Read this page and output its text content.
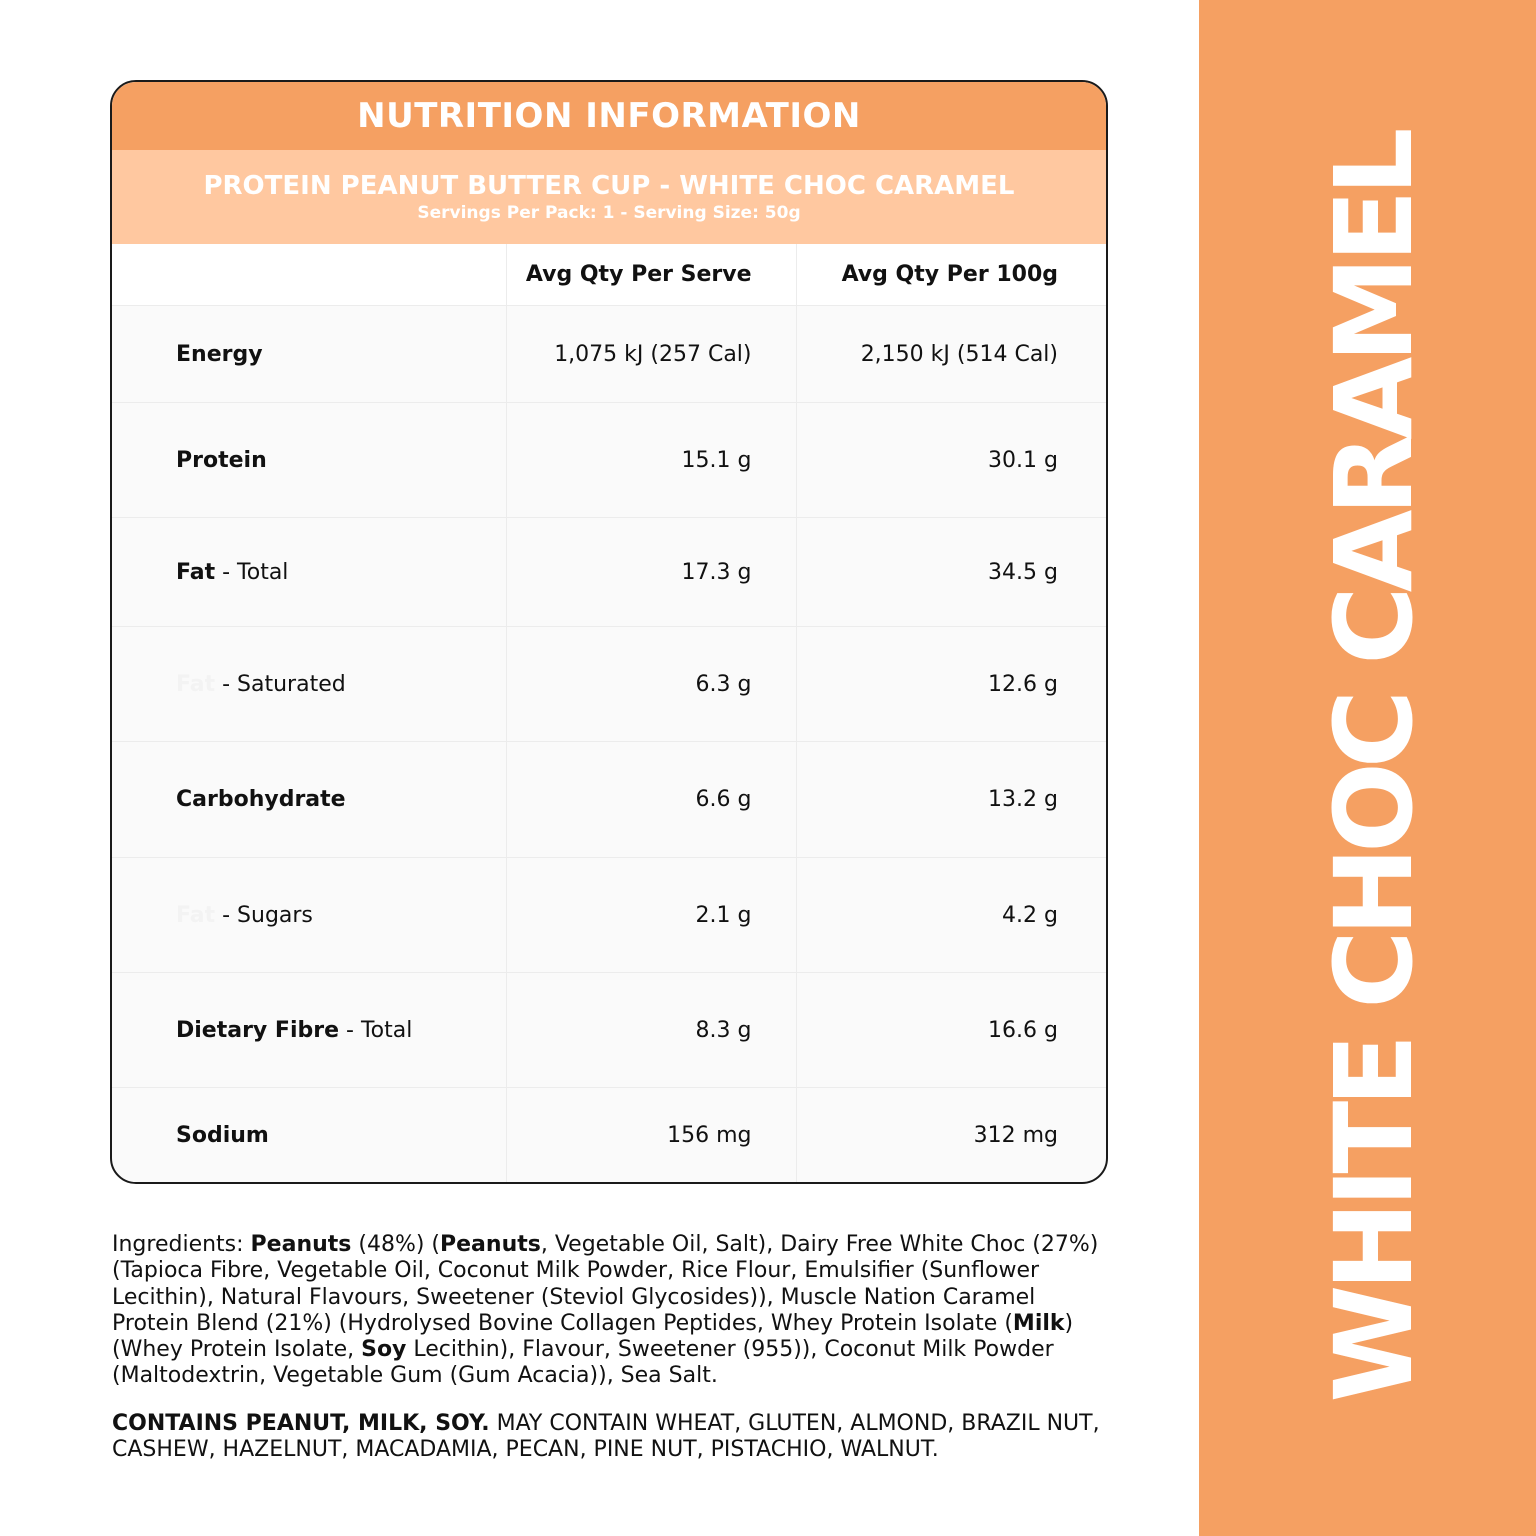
WHITE CHOC CARAMEL
NUTRITION INFORMATION
PROTEIN PEANUT BUTTER CUP - WHITE CHOC CARAMEL
Servings Per Pack: 1 - Serving Size: 50g
	Avg Qty Per Serve	Avg Qty Per 100g
Energy	1,075 kJ (257 Cal)	2,150 kJ (514 Cal)
Protein	15.1 g	30.1 g
Fat - Total	17.3 g	34.5 g
Fat - Saturated	6.3 g	12.6 g
Carbohydrate	6.6 g	13.2 g
Fat - Sugars	2.1 g	4.2 g
Dietary Fibre - Total	8.3 g	16.6 g
Sodium	156 mg	312 mg
Ingredients: Peanuts (48%) (Peanuts, Vegetable Oil, Salt), Dairy Free White Choc (27%) (Tapioca Fibre, Vegetable Oil, Coconut Milk Powder, Rice Flour, Emulsifier (Sunflower Lecithin), Natural Flavours, Sweetener (Steviol Glycosides)), Muscle Nation Caramel Protein Blend (21%) (Hydrolysed Bovine Collagen Peptides, Whey Protein Isolate (Milk) (Whey Protein Isolate, Soy Lecithin), Flavour, Sweetener (955)), Coconut Milk Powder (Maltodextrin, Vegetable Gum (Gum Acacia)), Sea Salt.
CONTAINS PEANUT, MILK, SOY. MAY CONTAIN WHEAT, GLUTEN, ALMOND, BRAZIL NUT, CASHEW, HAZELNUT, MACADAMIA, PECAN, PINE NUT, PISTACHIO, WALNUT.
